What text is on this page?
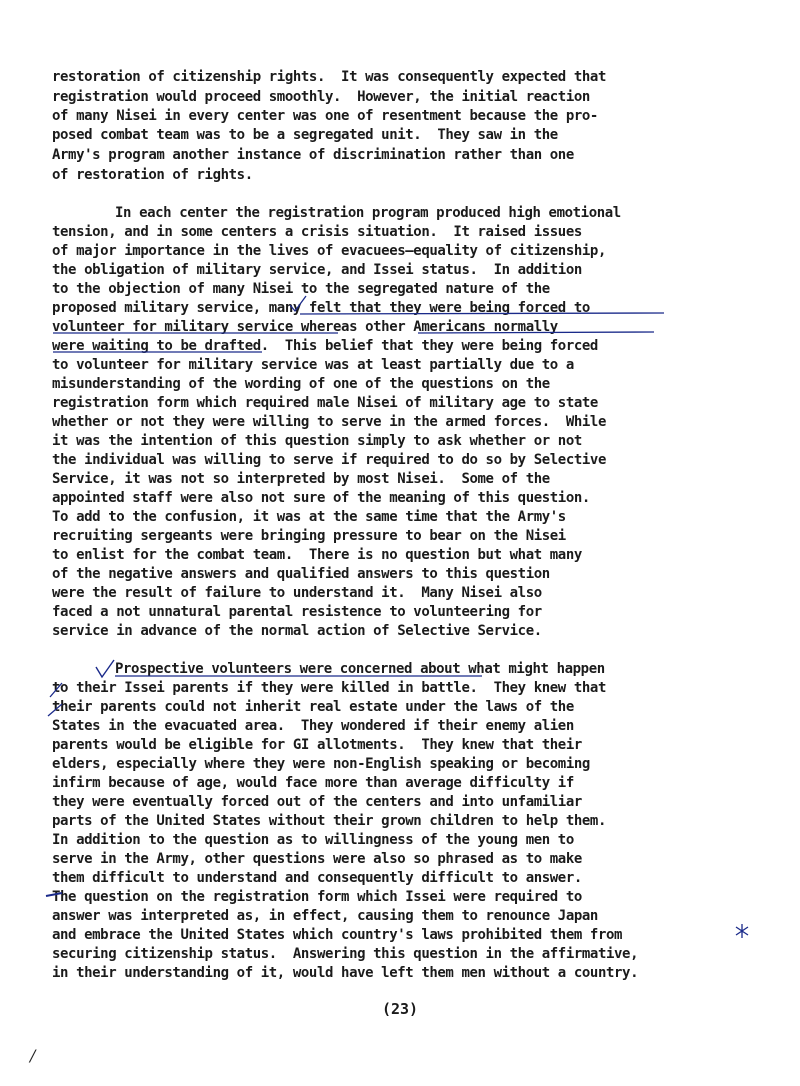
restoration of citizenship rights.  It was consequently expected that
registration would proceed smoothly.  However, the initial reaction
of many Nisei in every center was one of resentment because the pro-
posed combat team was to be a segregated unit.  They saw in the
Army's program another instance of discrimination rather than one
of restoration of rights.
In each center the registration program produced high emotional
tension, and in some centers a crisis situation.  It raised issues
of major importance in the lives of evacuees—equality of citizenship,
the obligation of military service, and Issei status.  In addition
to the objection of many Nisei to the segregated nature of the
proposed military service, many felt that they were being forced to
volunteer for military service whereas other Americans normally
were waiting to be drafted.  This belief that they were being forced
to volunteer for military service was at least partially due to a
misunderstanding of the wording of one of the questions on the
registration form which required male Nisei of military age to state
whether or not they were willing to serve in the armed forces.  While
it was the intention of this question simply to ask whether or not
the individual was willing to serve if required to do so by Selective
Service, it was not so interpreted by most Nisei.  Some of the
appointed staff were also not sure of the meaning of this question.
To add to the confusion, it was at the same time that the Army's
recruiting sergeants were bringing pressure to bear on the Nisei
to enlist for the combat team.  There is no question but what many
of the negative answers and qualified answers to this question
were the result of failure to understand it.  Many Nisei also
faced a not unnatural parental resistence to volunteering for
service in advance of the normal action of Selective Service.
Prospective volunteers were concerned about what might happen
to their Issei parents if they were killed in battle.  They knew that
their parents could not inherit real estate under the laws of the
States in the evacuated area.  They wondered if their enemy alien
parents would be eligible for GI allotments.  They knew that their
elders, especially where they were non-English speaking or becoming
infirm because of age, would face more than average difficulty if
they were eventually forced out of the centers and into unfamiliar
parts of the United States without their grown children to help them.
In addition to the question as to willingness of the young men to
serve in the Army, other questions were also so phrased as to make
them difficult to understand and consequently difficult to answer.
The question on the registration form which Issei were required to
answer was interpreted as, in effect, causing them to renounce Japan
and embrace the United States which country's laws prohibited them from
securing citizenship status.  Answering this question in the affirmative,
in their understanding of it, would have left them men without a country.
(23)
/
